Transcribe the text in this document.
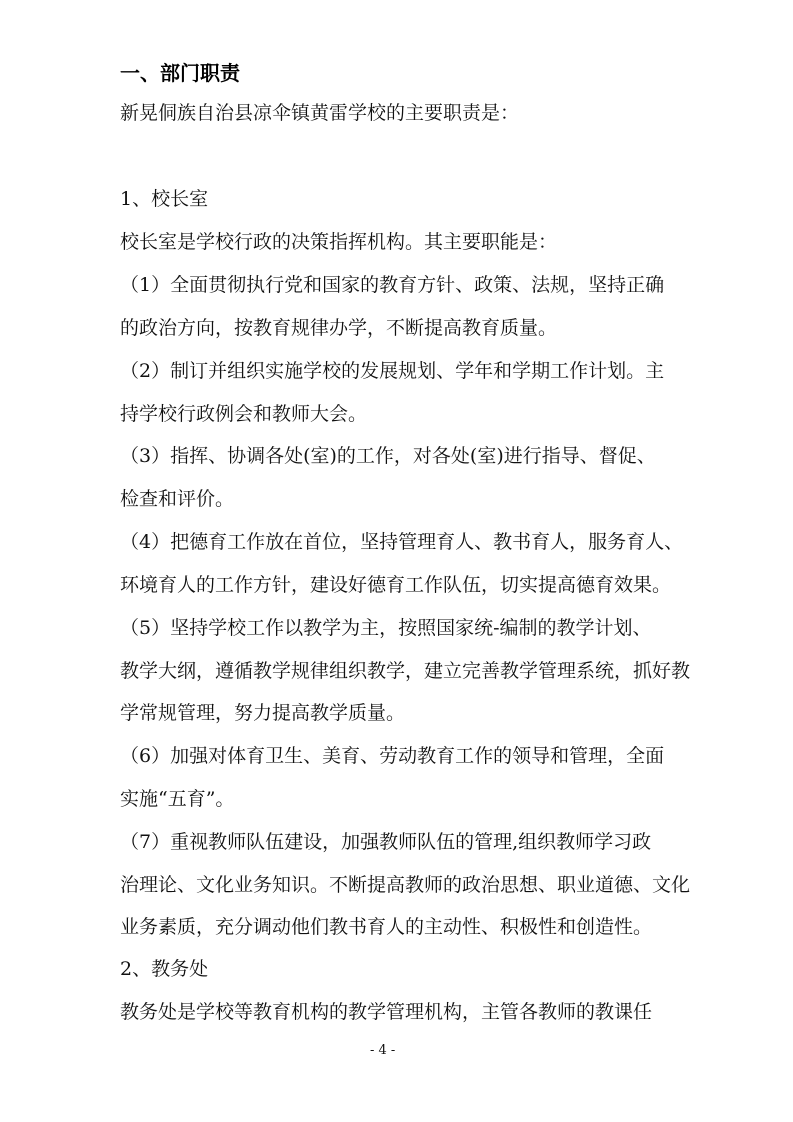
一、部门职责
新晃侗族自治县凉伞镇黄雷学校的主要职责是：
1、校长室
校长室是学校行政的决策指挥机构。其主要职能是：
（1）全面贯彻执行党和国家的教育方针、政策、法规，坚持正确
的政治方向，按教育规律办学，不断提高教育质量。
（2）制订并组织实施学校的发展规划、学年和学期工作计划。主
持学校行政例会和教师大会。
（3）指挥、协调各处(室)的工作，对各处(室)进行指导、督促、
检查和评价。
（4）把德育工作放在首位，坚持管理育人、教书育人，服务育人、
环境育人的工作方针，建设好德育工作队伍，切实提高德育效果。
（5）坚持学校工作以教学为主，按照国家统-编制的教学计划、
教学大纲，遵循教学规律组织教学，建立完善教学管理系统，抓好教
学常规管理，努力提高教学质量。
（6）加强对体育卫生、美育、劳动教育工作的领导和管理，全面
实施“五育”。
（7）重视教师队伍建设，加强教师队伍的管理,组织教师学习政
治理论、文化业务知识。不断提高教师的政治思想、职业道德、文化
业务素质，充分调动他们教书育人的主动性、积极性和创造性。
2、教务处
教务处是学校等教育机构的教学管理机构，主管各教师的教课任
- 4 -
